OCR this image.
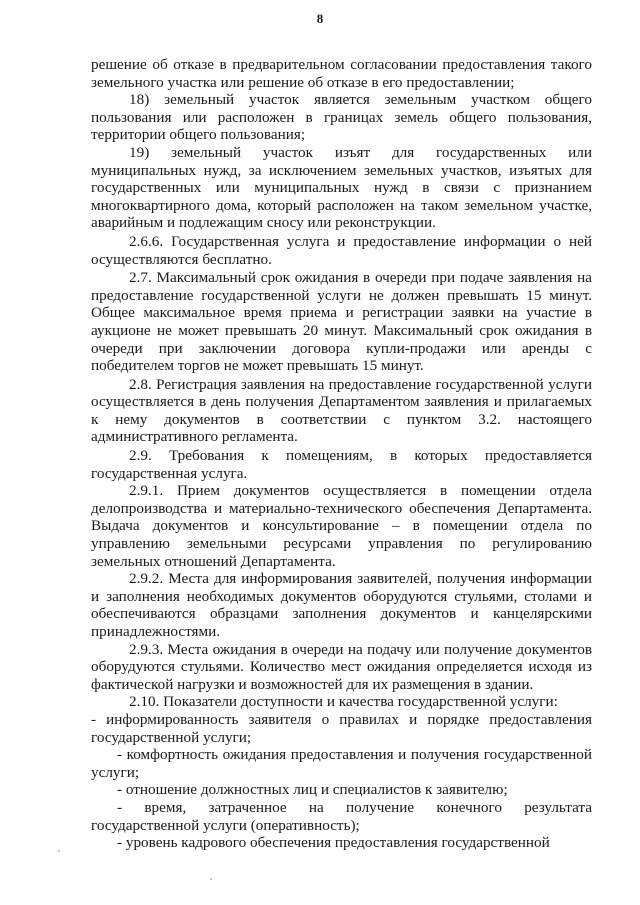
8

решение об отказе в предварительном согласовании предоставления такого земельного участка или решение об отказе в его предоставлении;

18) земельный участок является земельным участком общего пользования или расположен в границах земель общего пользования, территории общего пользования;

19) земельный участок изъят для государственных или муниципальных нужд, за исключением земельных участков, изъятых для государственных или муниципальных нужд в связи с признанием многоквартирного дома, который расположен на таком земельном участке, аварийным и подлежащим сносу или реконструкции.

2.6.6. Государственная услуга и предоставление информации о ней осуществляются бесплатно.

2.7. Максимальный срок ожидания в очереди при подаче заявления на предоставление государственной услуги не должен превышать 15 минут. Общее максимальное время приема и регистрации заявки на участие в аукционе не может превышать 20 минут. Максимальный срок ожидания в очереди при заключении договора купли-продажи или аренды с победителем торгов не может превышать 15 минут.

2.8. Регистрация заявления на предоставление государственной услуги осуществляется в день получения Департаментом заявления и прилагаемых к нему документов в соответствии с пунктом 3.2. настоящего административного регламента.

2.9. Требования к помещениям, в которых предоставляется государственная услуга.

2.9.1. Прием документов осуществляется в помещении отдела делопроизводства и материально-технического обеспечения Департамента. Выдача документов и консультирование – в помещении отдела по управлению земельными ресурсами управления по регулированию земельных отношений Департамента.

2.9.2. Места для информирования заявителей, получения информации и заполнения необходимых документов оборудуются стульями, столами и обеспечиваются образцами заполнения документов и канцелярскими принадлежностями.

2.9.3. Места ожидания в очереди на подачу или получение документов оборудуются стульями. Количество мест ожидания определяется исходя из фактической нагрузки и возможностей для их размещения в здании.

2.10. Показатели доступности и качества государственной услуги:

- информированность заявителя о правилах и порядке предоставления государственной услуги;

- комфортность ожидания предоставления и получения государственной услуги;

- отношение должностных лиц и специалистов к заявителю;

- время, затраченное на получение конечного результата государственной услуги (оперативность);

- уровень кадрового обеспечения предоставления государственной
